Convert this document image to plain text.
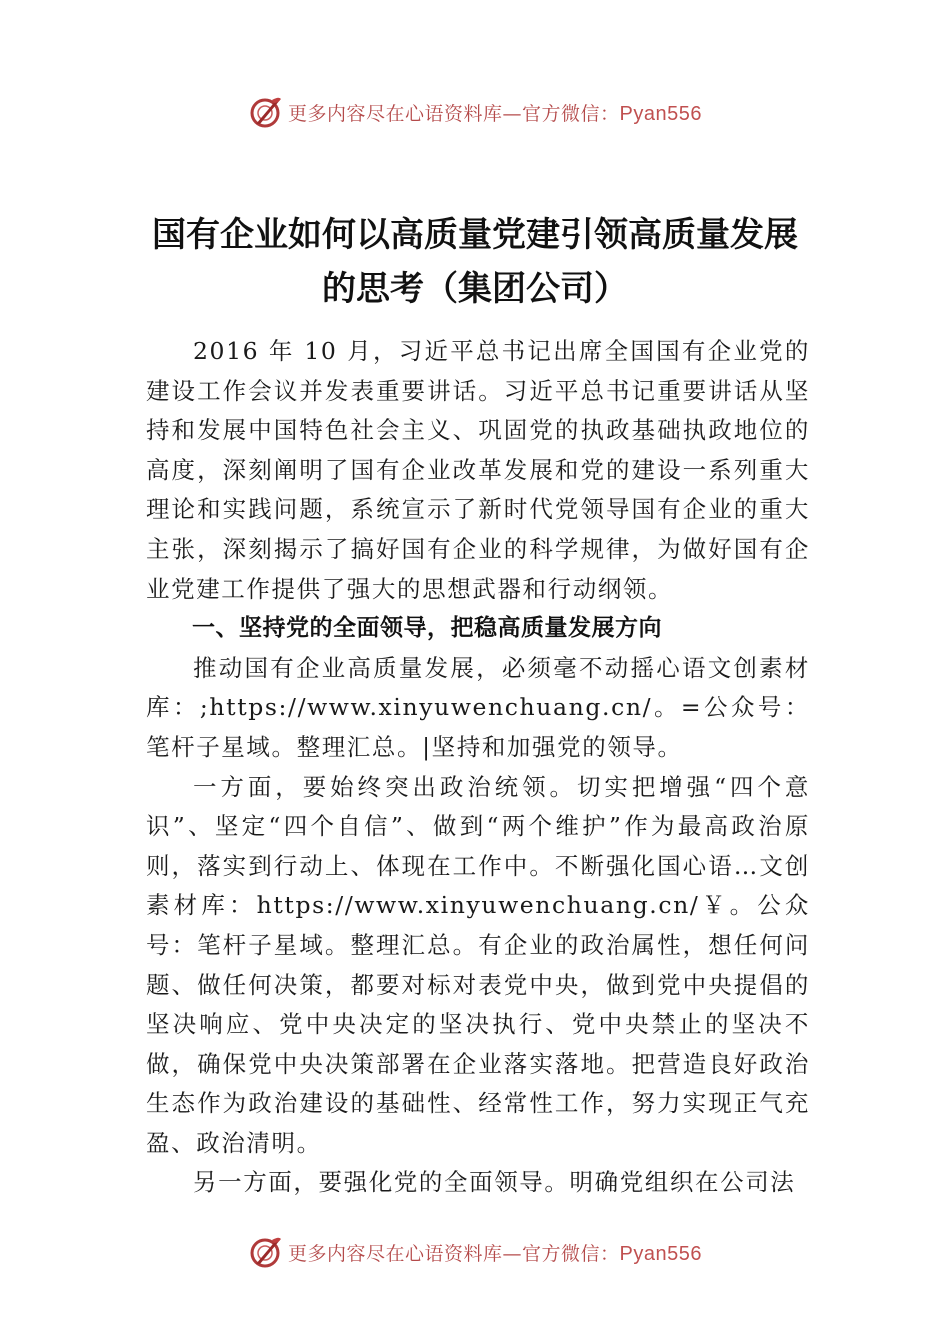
更多内容尽在心语资料库—官方微信：Pyan556
国有企业如何以高质量党建引领高质量发展的思考（集团公司）

2016 年 10 月，习近平总书记出席全国国有企业党的建设工作会议并发表重要讲话。习近平总书记重要讲话从坚持和发展中国特色社会主义、巩固党的执政基础执政地位的高度，深刻阐明了国有企业改革发展和党的建设一系列重大理论和实践问题，系统宣示了新时代党领导国有企业的重大主张，深刻揭示了搞好国有企业的科学规律，为做好国有企业党建工作提供了强大的思想武器和行动纲领。

一、坚持党的全面领导，把稳高质量发展方向

推动国有企业高质量发展，必须毫不动摇心语文创素材库：;https://www.xinyuwenchuang.cn/。=公众号：笔杆子星域。整理汇总。|坚持和加强党的领导。

一方面，要始终突出政治统领。切实把增强“四个意识”、坚定“四个自信”、做到“两个维护”作为最高政治原则，落实到行动上、体现在工作中。不断强化国心语…文创素材库：https://www.xinyuwenchuang.cn/￥。公众号：笔杆子星域。整理汇总。有企业的政治属性，想任何问题、做任何决策，都要对标对表党中央，做到党中央提倡的坚决响应、党中央决定的坚决执行、党中央禁止的坚决不做，确保党中央决策部署在企业落实落地。把营造良好政治生态作为政治建设的基础性、经常性工作，努力实现正气充盈、政治清明。

另一方面，要强化党的全面领导。明确党组织在公司法

更多内容尽在心语资料库—官方微信：Pyan556
